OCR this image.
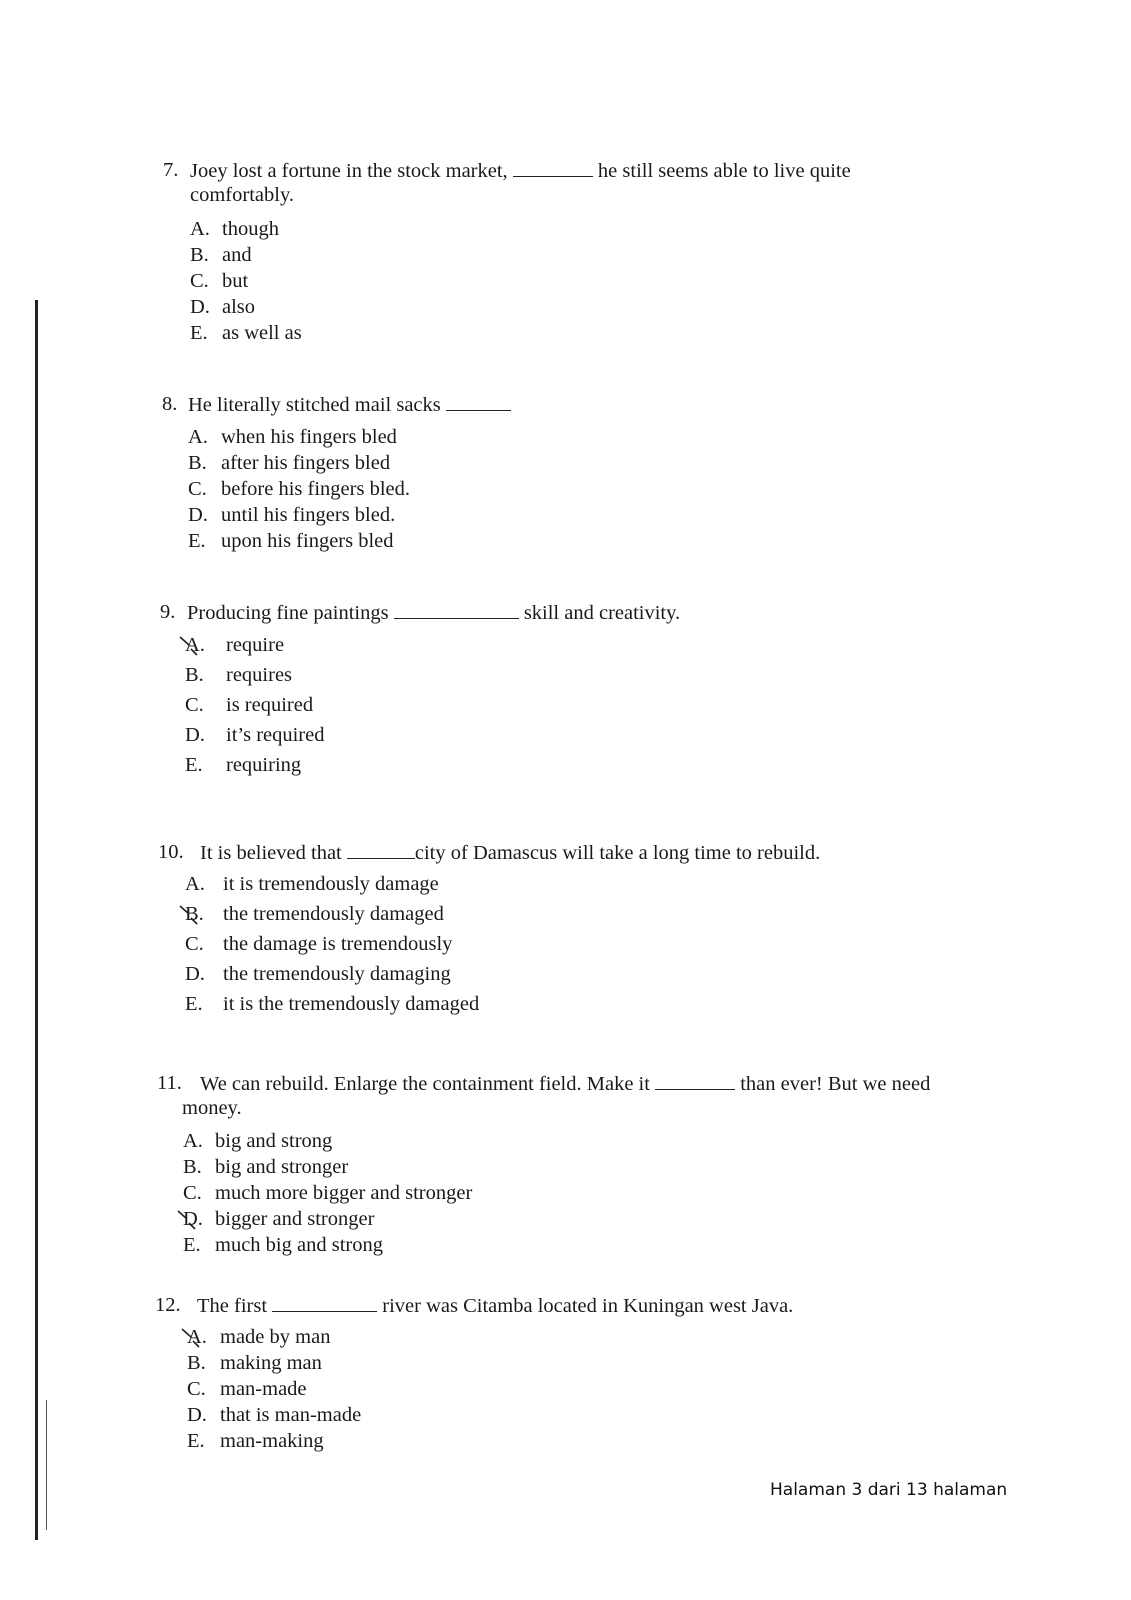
7. Joey lost a fortune in the stock market,	he still seems able to live quite
comfortably.
A. though
B. and
C. but
D. also
E. as well as
8. He literally stitched mail sacks
A. when his fingers bled
B. after his fingers bled
C. before his fingers bled.
D. until his fingers bled.
E. upon his fingers bled
9. Producing fine paintings	skill and creativity.
A. require
B. requires
C. is required
D. it’s required
E. requiring
10. It is believed that	city of Damascus will take a long time to rebuild.
A. it is tremendously damage
B. the tremendously damaged
C. the damage is tremendously
D. the tremendously damaging
E. it is the tremendously damaged
11. We can rebuild. Enlarge the containment field. Make it	than ever! But we need
money.
A. big and strong
B. big and stronger
C. much more bigger and stronger
D. bigger and stronger
E. much big and strong
12. The first	river was Citamba located in Kuningan west Java.
A. made by man
B. making man
C. man-made
D. that is man-made
E. man-making
Halaman 3 dari 13 halaman
